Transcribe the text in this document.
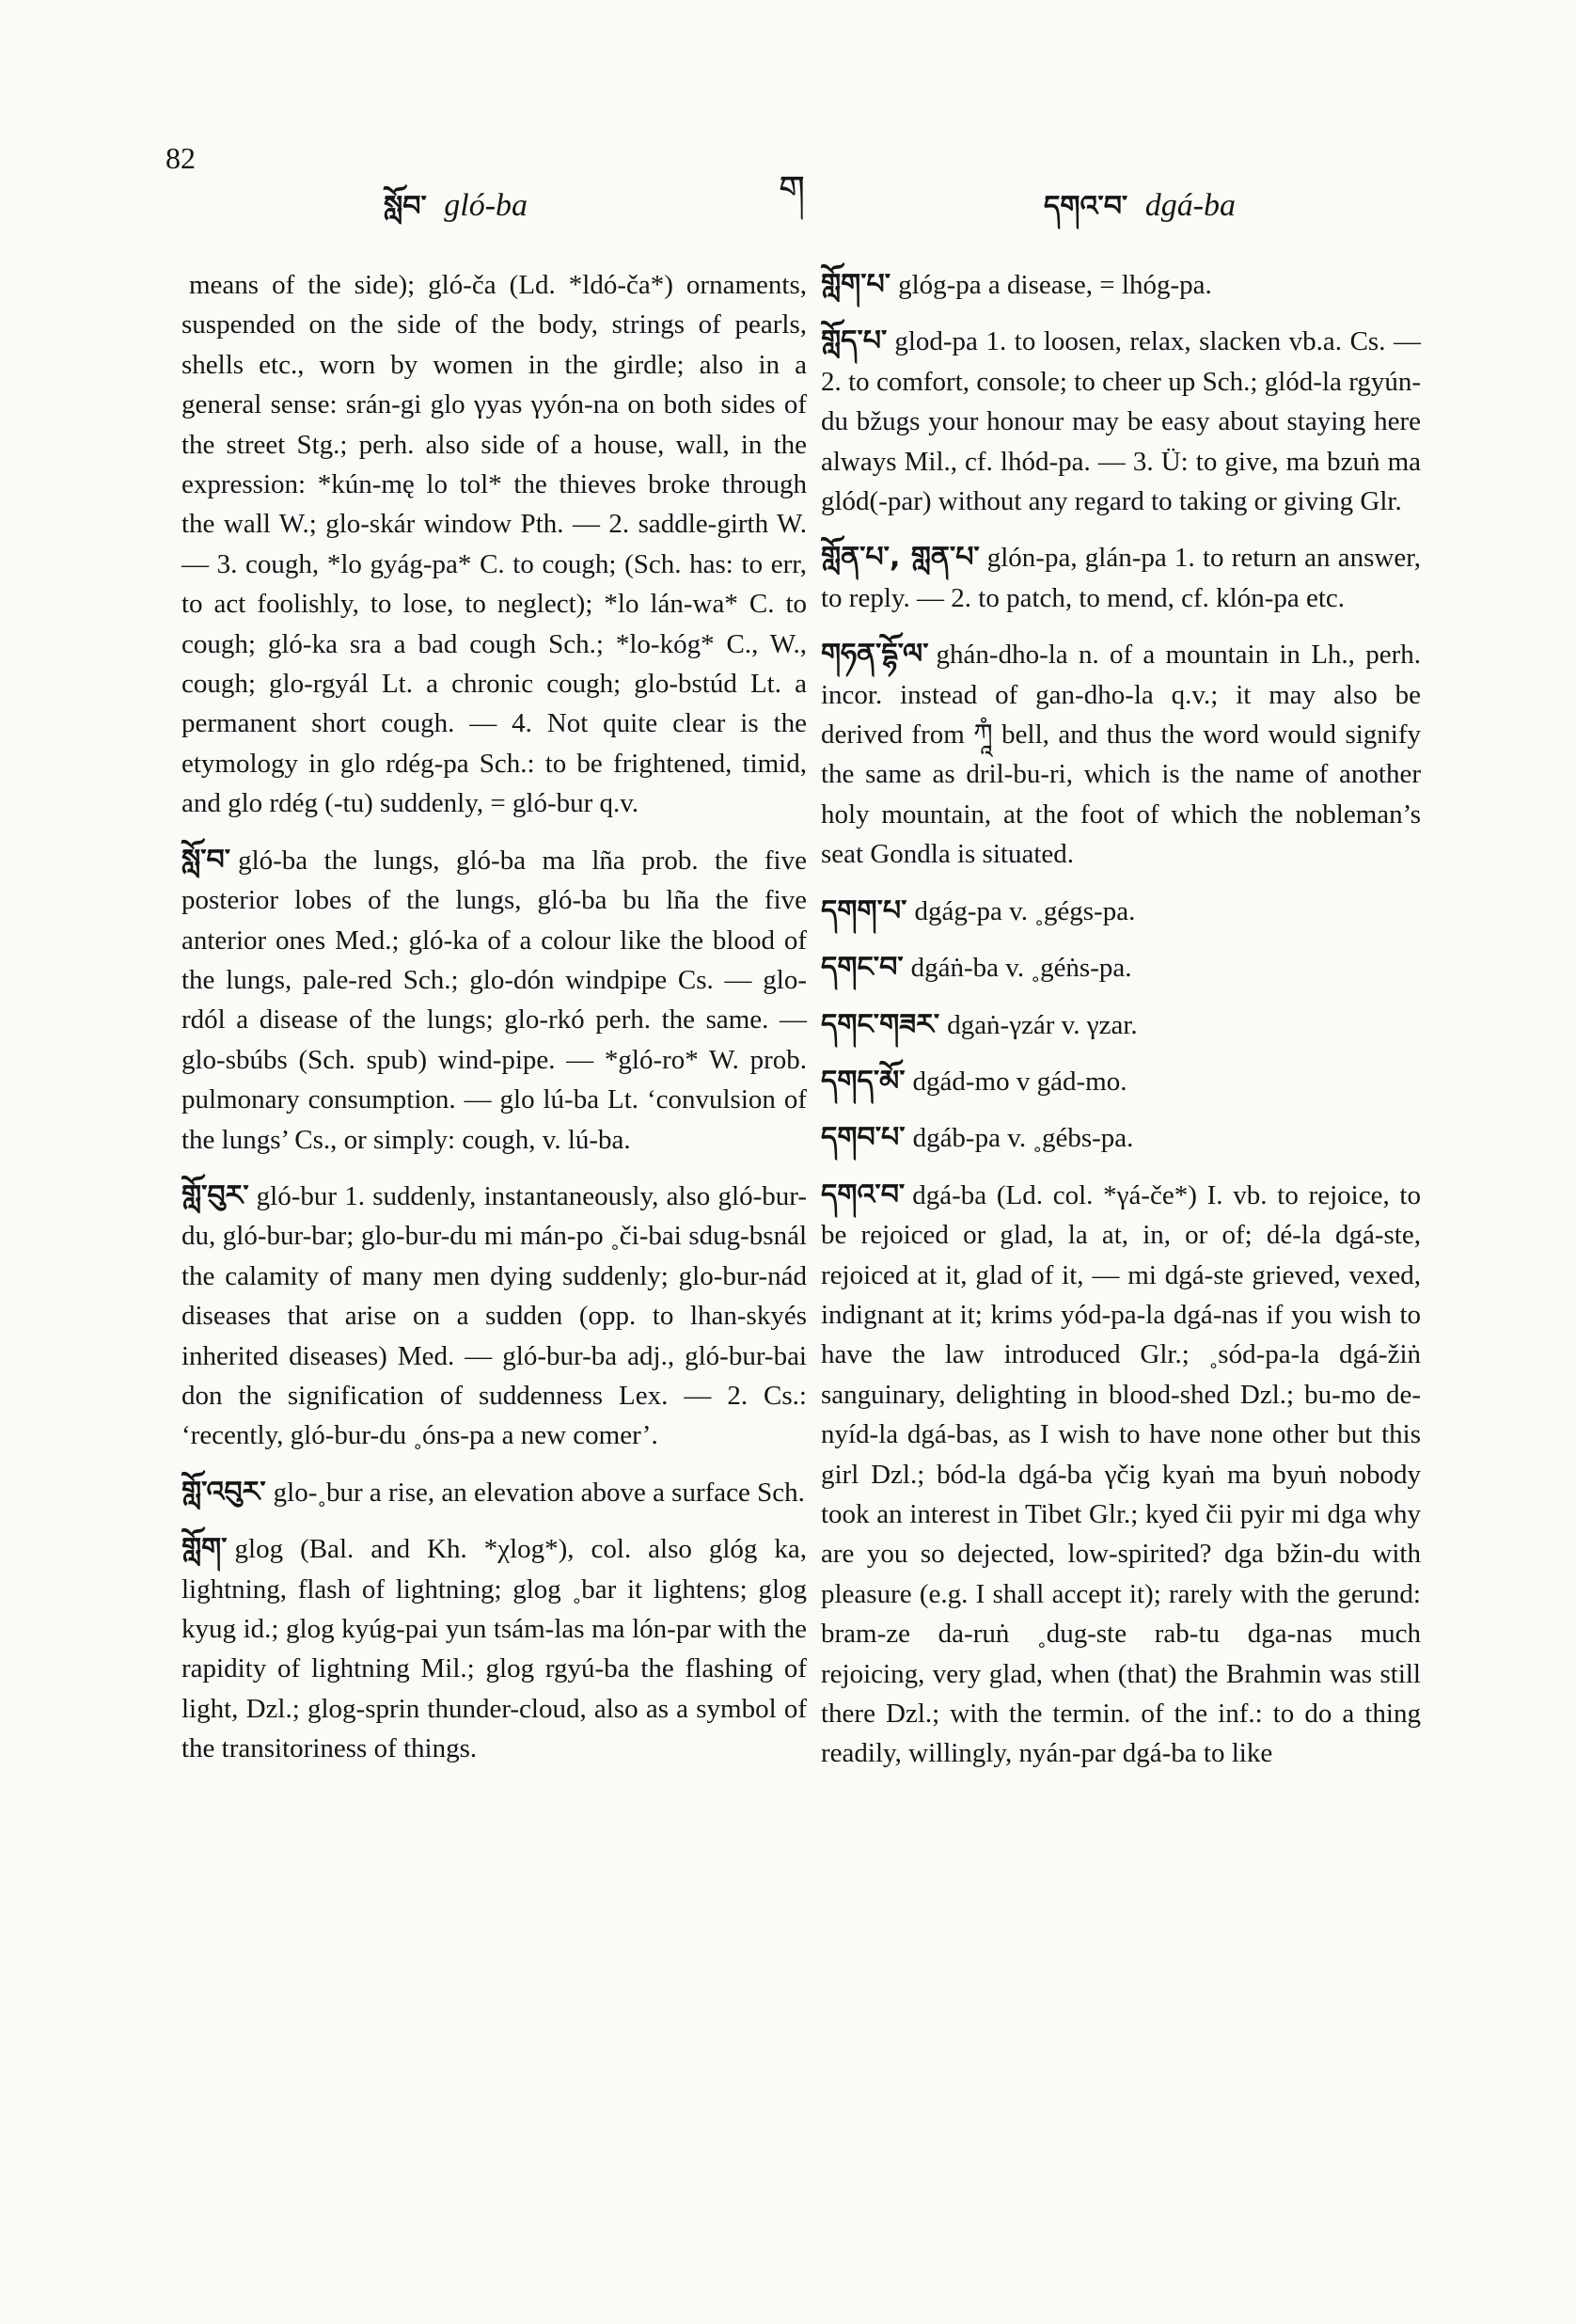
82
སློབ་ gló-ba	ག	དགའ་བ་ dgá-ba

means of the side); gló-ča (Ld. *ldó-ča*) ornaments, suspended on the side of the body, strings of pearls, shells etc., worn by women in the girdle; also in a general sense: srán-gi glo γyas γyón-na on both sides of the street Stg.; perh. also side of a house, wall, in the expression: *kún-mę lo tol* the thieves broke through the wall W.; glo-skár window Pth. — 2. saddle-girth W. — 3. cough, *lo gyág-pa* C. to cough; (Sch. has: to err, to act foolishly, to lose, to neglect); *lo lán-wa* C. to cough; gló-ka sra a bad cough Sch.; *lo-kóg* C., W., cough; glo-rgyál Lt. a chronic cough; glo-bstúd Lt. a permanent short cough. — 4. Not quite clear is the etymology in glo rdég-pa Sch.: to be frightened, timid, and glo rdég (-tu) suddenly, = gló-bur q.v.

སློ་བ་ gló-ba the lungs, gló-ba ma lña prob. the five posterior lobes of the lungs, gló-ba bu lña the five anterior ones Med.; gló-ka of a colour like the blood of the lungs, pale-red Sch.; glo-dón windpipe Cs. — glo-rdól a disease of the lungs; glo-rkó perh. the same. — glo-sbúbs (Sch. spub) wind-pipe. — *gló-ro* W. prob. pulmonary consumption. — glo lú-ba Lt. ‘convulsion of the lungs’ Cs., or simply: cough, v. lú-ba.

གློ་བུར་ gló-bur 1. suddenly, instantaneously, also gló-bur-du, gló-bur-bar; glo-bur-du mi mán-po ˳či-bai sdug-bsnál the calamity of many men dying suddenly; glo-bur-nád diseases that arise on a sudden (opp. to lhan-skyés inherited diseases) Med. — gló-bur-ba adj., gló-bur-bai don the signification of suddenness Lex. — 2. Cs.: ‘recently, gló-bur-du ˳óns-pa a new comer’.

གློ་འབུར་ glo-˳bur a rise, an elevation above a surface Sch.

གློག་ glog (Bal. and Kh. *χlog*), col. also glóg ka, lightning, flash of lightning; glog ˳bar it lightens; glog kyug id.; glog kyúg-pai yun tsám-las ma lón-par with the rapidity of lightning Mil.; glog rgyú-ba the flashing of light, Dzl.; glog-sprin thunder-cloud, also as a symbol of the transitoriness of things.

གློག་པ་ glóg-pa a disease, = lhóg-pa.

གློད་པ་ glod-pa 1. to loosen, relax, slacken vb.a. Cs. — 2. to comfort, console; to cheer up Sch.; glód-la rgyún-du bžugs your honour may be easy about staying here always Mil., cf. lhód-pa. — 3. Ü: to give, ma bzuṅ ma glód(-par) without any regard to taking or giving Glr.

གློན་པ་, གླན་པ་ glón-pa, glán-pa 1. to return an answer, to reply. — 2. to patch, to mend, cf. klón-pa etc.

གཧན་དྷོ་ལ་ ghán-dho-la n. of a mountain in Lh., perh. incor. instead of gan-dho-la q.v.; it may also be derived from ཀཱཾ bell, and thus the word would signify the same as dril-bu-ri, which is the name of another holy mountain, at the foot of which the nobleman’s seat Gondla is situated.

དགག་པ་ dgág-pa v. ˳gégs-pa.

དགང་བ་ dgáṅ-ba v. ˳géṅs-pa.

དགང་གཟར་ dgaṅ-γzár v. γzar.

དགད་མོ་ dgád-mo v gád-mo.

དགབ་པ་ dgáb-pa v. ˳gébs-pa.

དགའ་བ་ dgá-ba (Ld. col. *γá-če*) I. vb. to rejoice, to be rejoiced or glad, la at, in, or of; dé-la dgá-ste, rejoiced at it, glad of it, — mi dgá-ste grieved, vexed, indignant at it; krims yód-pa-la dgá-nas if you wish to have the law introduced Glr.; ˳sód-pa-la dgá-žiṅ sanguinary, delighting in blood-shed Dzl.; bu-mo de-nyíd-la dgá-bas, as I wish to have none other but this girl Dzl.; bód-la dgá-ba γčig kyaṅ ma byuṅ nobody took an interest in Tibet Glr.; kyed čii pyir mi dga why are you so dejected, low-spirited? dga bžin-du with pleasure (e.g. I shall accept it); rarely with the gerund: bram-ze da-ruṅ ˳dug-ste rab-tu dga-nas much rejoicing, very glad, when (that) the Brahmin was still there Dzl.; with the termin. of the inf.: to do a thing readily, willingly, nyán-par dgá-ba to like
